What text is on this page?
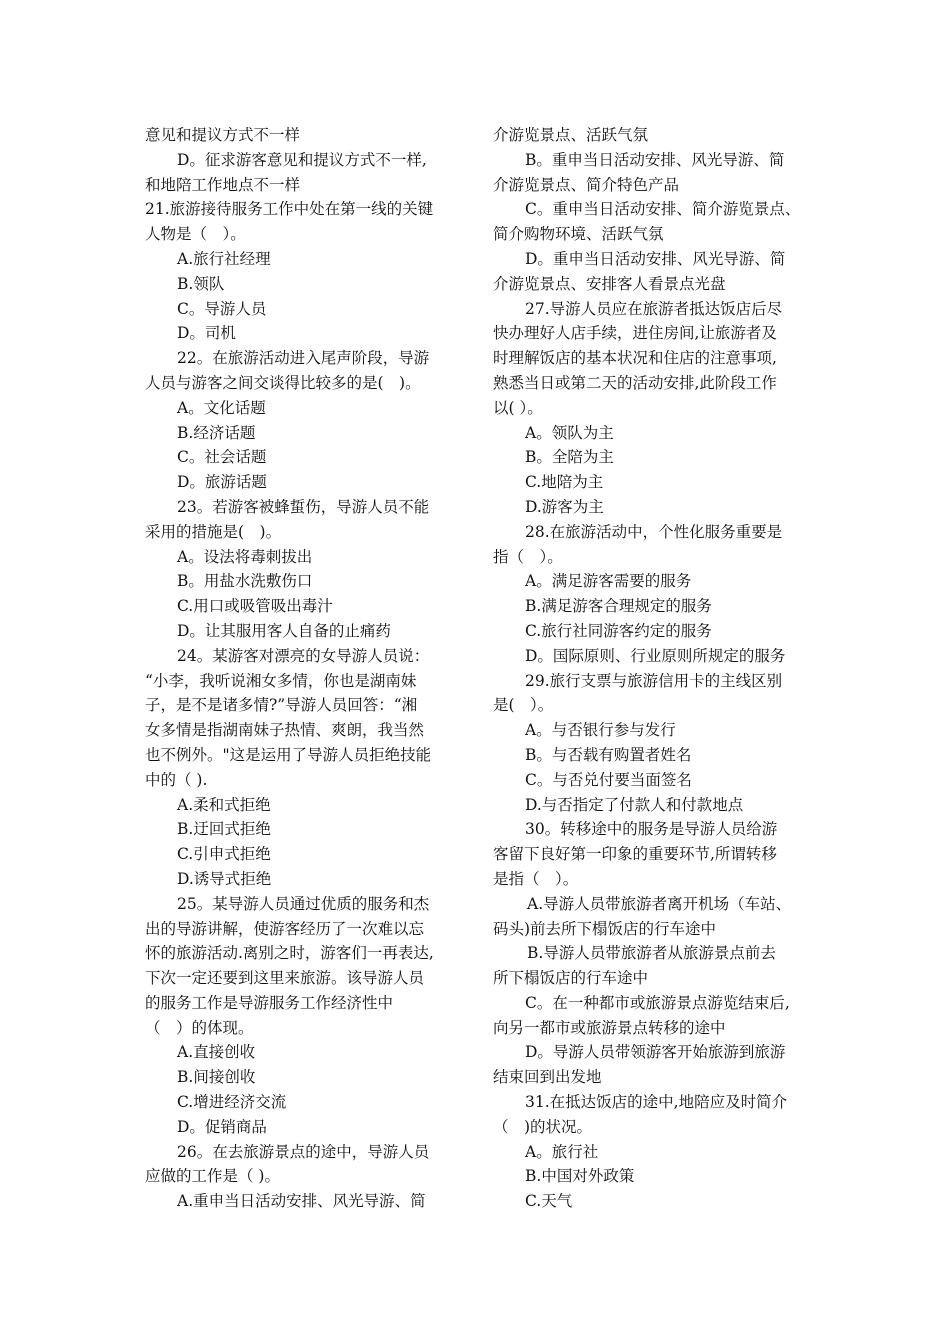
意见和提议方式不一样
D。征求游客意见和提议方式不一样,
和地陪工作地点不一样
21.旅游接待服务工作中处在第一线的关键
人物是（　）。
A.旅行社经理
B.领队
C。导游人员
D。司机
22。在旅游活动进入尾声阶段，导游
人员与游客之间交谈得比较多的是(　)。
A。文化话题
B.经济话题
C。社会话题
D。旅游话题
23。若游客被蜂蜇伤，导游人员不能
采用的措施是(　)。
A。设法将毒刺拔出
B。用盐水洗敷伤口
C.用口或吸管吸出毒汁
D。让其服用客人自备的止痛药
24。某游客对漂亮的女导游人员说：
“小李，我听说湘女多情，你也是湖南妹
子，是不是诸多情?”导游人员回答：“湘
女多情是指湖南妹子热情、爽朗，我当然
也不例外。"这是运用了导游人员拒绝技能
中的（ ).
A.柔和式拒绝
B.迂回式拒绝
C.引申式拒绝
D.诱导式拒绝
25。某导游人员通过优质的服务和杰
出的导游讲解，使游客经历了一次难以忘
怀的旅游活动.离别之时，游客们一再表达,
下次一定还要到这里来旅游。该导游人员
的服务工作是导游服务工作经济性中
（　）的体现。
A.直接创收
B.间接创收
C.增进经济交流
D。促销商品
26。在去旅游景点的途中，导游人员
应做的工作是（ )。
A.重申当日活动安排、风光导游、简
介游览景点、活跃气氛
B。重申当日活动安排、风光导游、简
介游览景点、简介特色产品
C。重申当日活动安排、简介游览景点、
简介购物环境、活跃气氛
D。重申当日活动安排、风光导游、简
介游览景点、安排客人看景点光盘
27.导游人员应在旅游者抵达饭店后尽
快办理好人店手续，进住房间,让旅游者及
时理解饭店的基本状况和住店的注意事项,
熟悉当日或第二天的活动安排,此阶段工作
以( ）。
A。领队为主
B。全陪为主
C.地陪为主
D.游客为主
28.在旅游活动中，个性化服务重要是
指（　）。
A。满足游客需要的服务
B.满足游客合理规定的服务
C.旅行社同游客约定的服务
D。国际原则、行业原则所规定的服务
29.旅行支票与旅游信用卡的主线区别
是(　）。
A。与否银行参与发行
B。与否载有购置者姓名
C。与否兑付要当面签名
D.与否指定了付款人和付款地点
30。转移途中的服务是导游人员给游
客留下良好第一印象的重要环节,所谓转移
是指（　）。
A.导游人员带旅游者离开机场（车站、
码头)前去所下榻饭店的行车途中
B.导游人员带旅游者从旅游景点前去
所下榻饭店的行车途中
C。在一种都市或旅游景点游览结束后,
向另一都市或旅游景点转移的途中
D。导游人员带领游客开始旅游到旅游
结束回到出发地
31.在抵达饭店的途中,地陪应及时简介
（　)的状况。
A。旅行社
B.中国对外政策
C.天气
